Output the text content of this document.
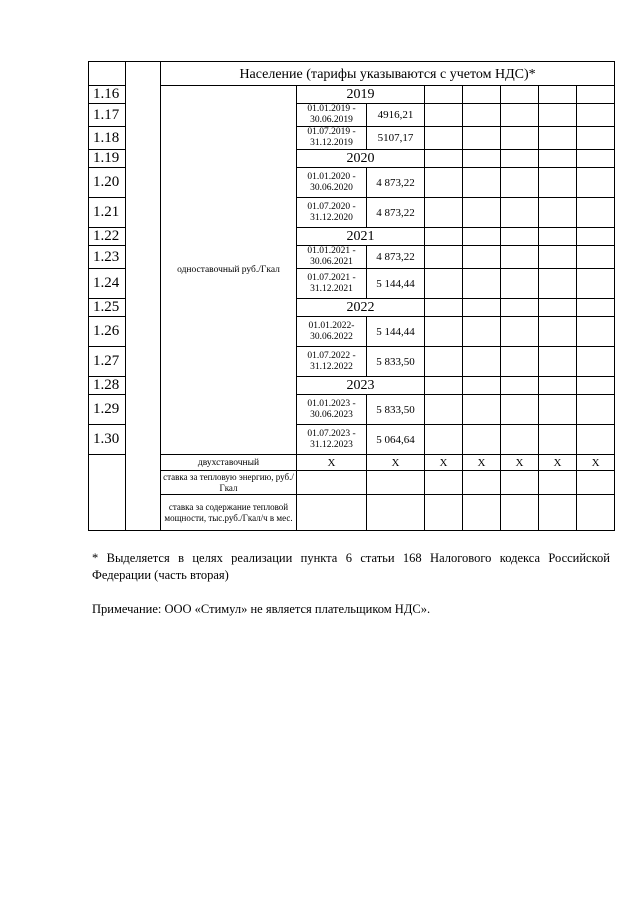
		Население (тарифы указываются с учетом НДС)*								
1.16		одноставочный руб./Гкал	2019							
1.17			01.01.2019 -
30.06.2019	4916,21						
1.18			01.07.2019 -
31.12.2019	5107,17						
1.19			2020							
1.20			01.01.2020 -
30.06.2020	4 873,22						
1.21			01.07.2020 -
31.12.2020	4 873,22						
1.22			2021							
1.23			01.01.2021 -
30.06.2021	4 873,22						
1.24			01.07.2021 -
31.12.2021	5 144,44						
1.25			2022							
1.26			01.01.2022-
30.06.2022	5 144,44						
1.27			01.07.2022 -
31.12.2022	5 833,50						
1.28			2023							
1.29			01.01.2023 -
30.06.2023	5 833,50						
1.30			01.07.2023 -
31.12.2023	5 064,64						
		двухставочный	Х	Х	Х	Х	Х	Х	Х	
		ставка за тепловую энергию, руб./Гкал								
		ставка за содержание тепловой мощности, тыс.руб./Гкал/ч в мес.								

* Выделяется в целях реализации пункта 6 статьи 168 Налогового кодекса Российской Федерации (часть вторая)

Примечание: ООО «Стимул» не является плательщиком НДС».
